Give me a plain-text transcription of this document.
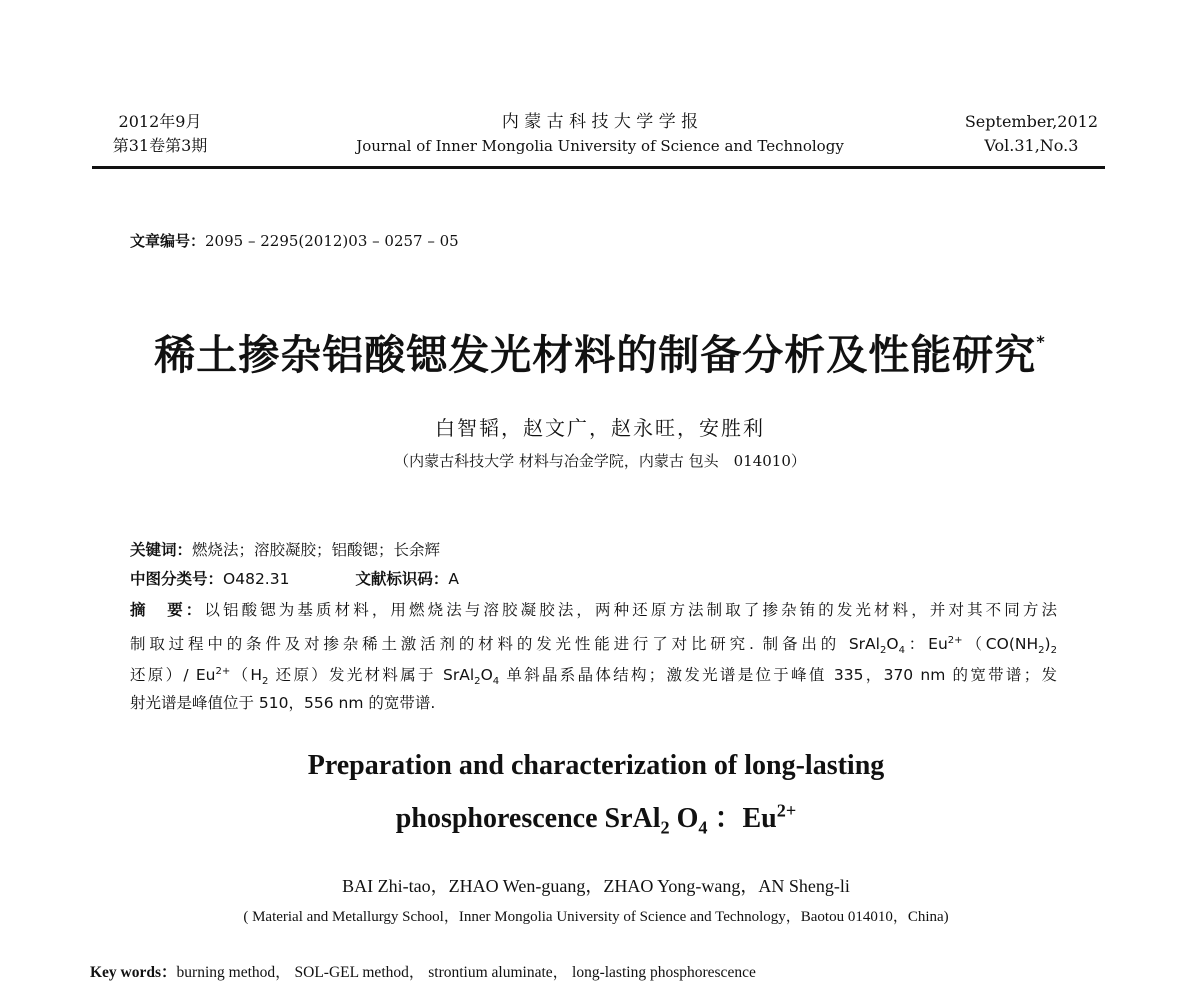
2012年9月
第31卷第3期
内 蒙 古 科 技 大 学 学 报
Journal of Inner Mongolia University of Science and Technology
September,2012
Vol.31,No.3
文章编号：2095 – 2295(2012)03 – 0257 – 05
稀土掺杂铝酸锶发光材料的制备分析及性能研究*
白智韬，赵文广，赵永旺，安胜利
（内蒙古科技大学 材料与冶金学院，内蒙古 包头　014010）
关键词：燃烧法；溶胶凝胶；铝酸锶；长余辉
中图分类号：O482.31	文献标识码：A
摘　要：以铝酸锶为基质材料，用燃烧法与溶胶凝胶法，两种还原方法制取了掺杂铕的发光材料，并对其不同方法
制取过程中的条件及对掺杂稀土激活剂的材料的发光性能进行了对比研究. 制备出的 $SrAl_2O_4$：$Eu^{2+}(CO(NH_2)_2$
还原）/ $Eu^{2+}(H_2$ 还原）发光材料属于 $SrAl_2O_4$ 单斜晶系晶体结构；激发光谱是位于峰值 335，370 nm 的宽带谱；发
射光谱是峰值位于 510，556 nm 的宽带谱.
Preparation and characterization of long-lasting
phosphorescence SrAl$_2$ $O_4$ ：$Eu^{2+}$
BAI Zhi-tao，ZHAO Wen-guang，ZHAO Yong-wang，AN Sheng-li
( Material and Metallurgy School，Inner Mongolia University of Science and Technology，Baotou 014010，China)
Key words：burning method， SOL-GEL method， strontium aluminate， long-lasting phosphorescence
